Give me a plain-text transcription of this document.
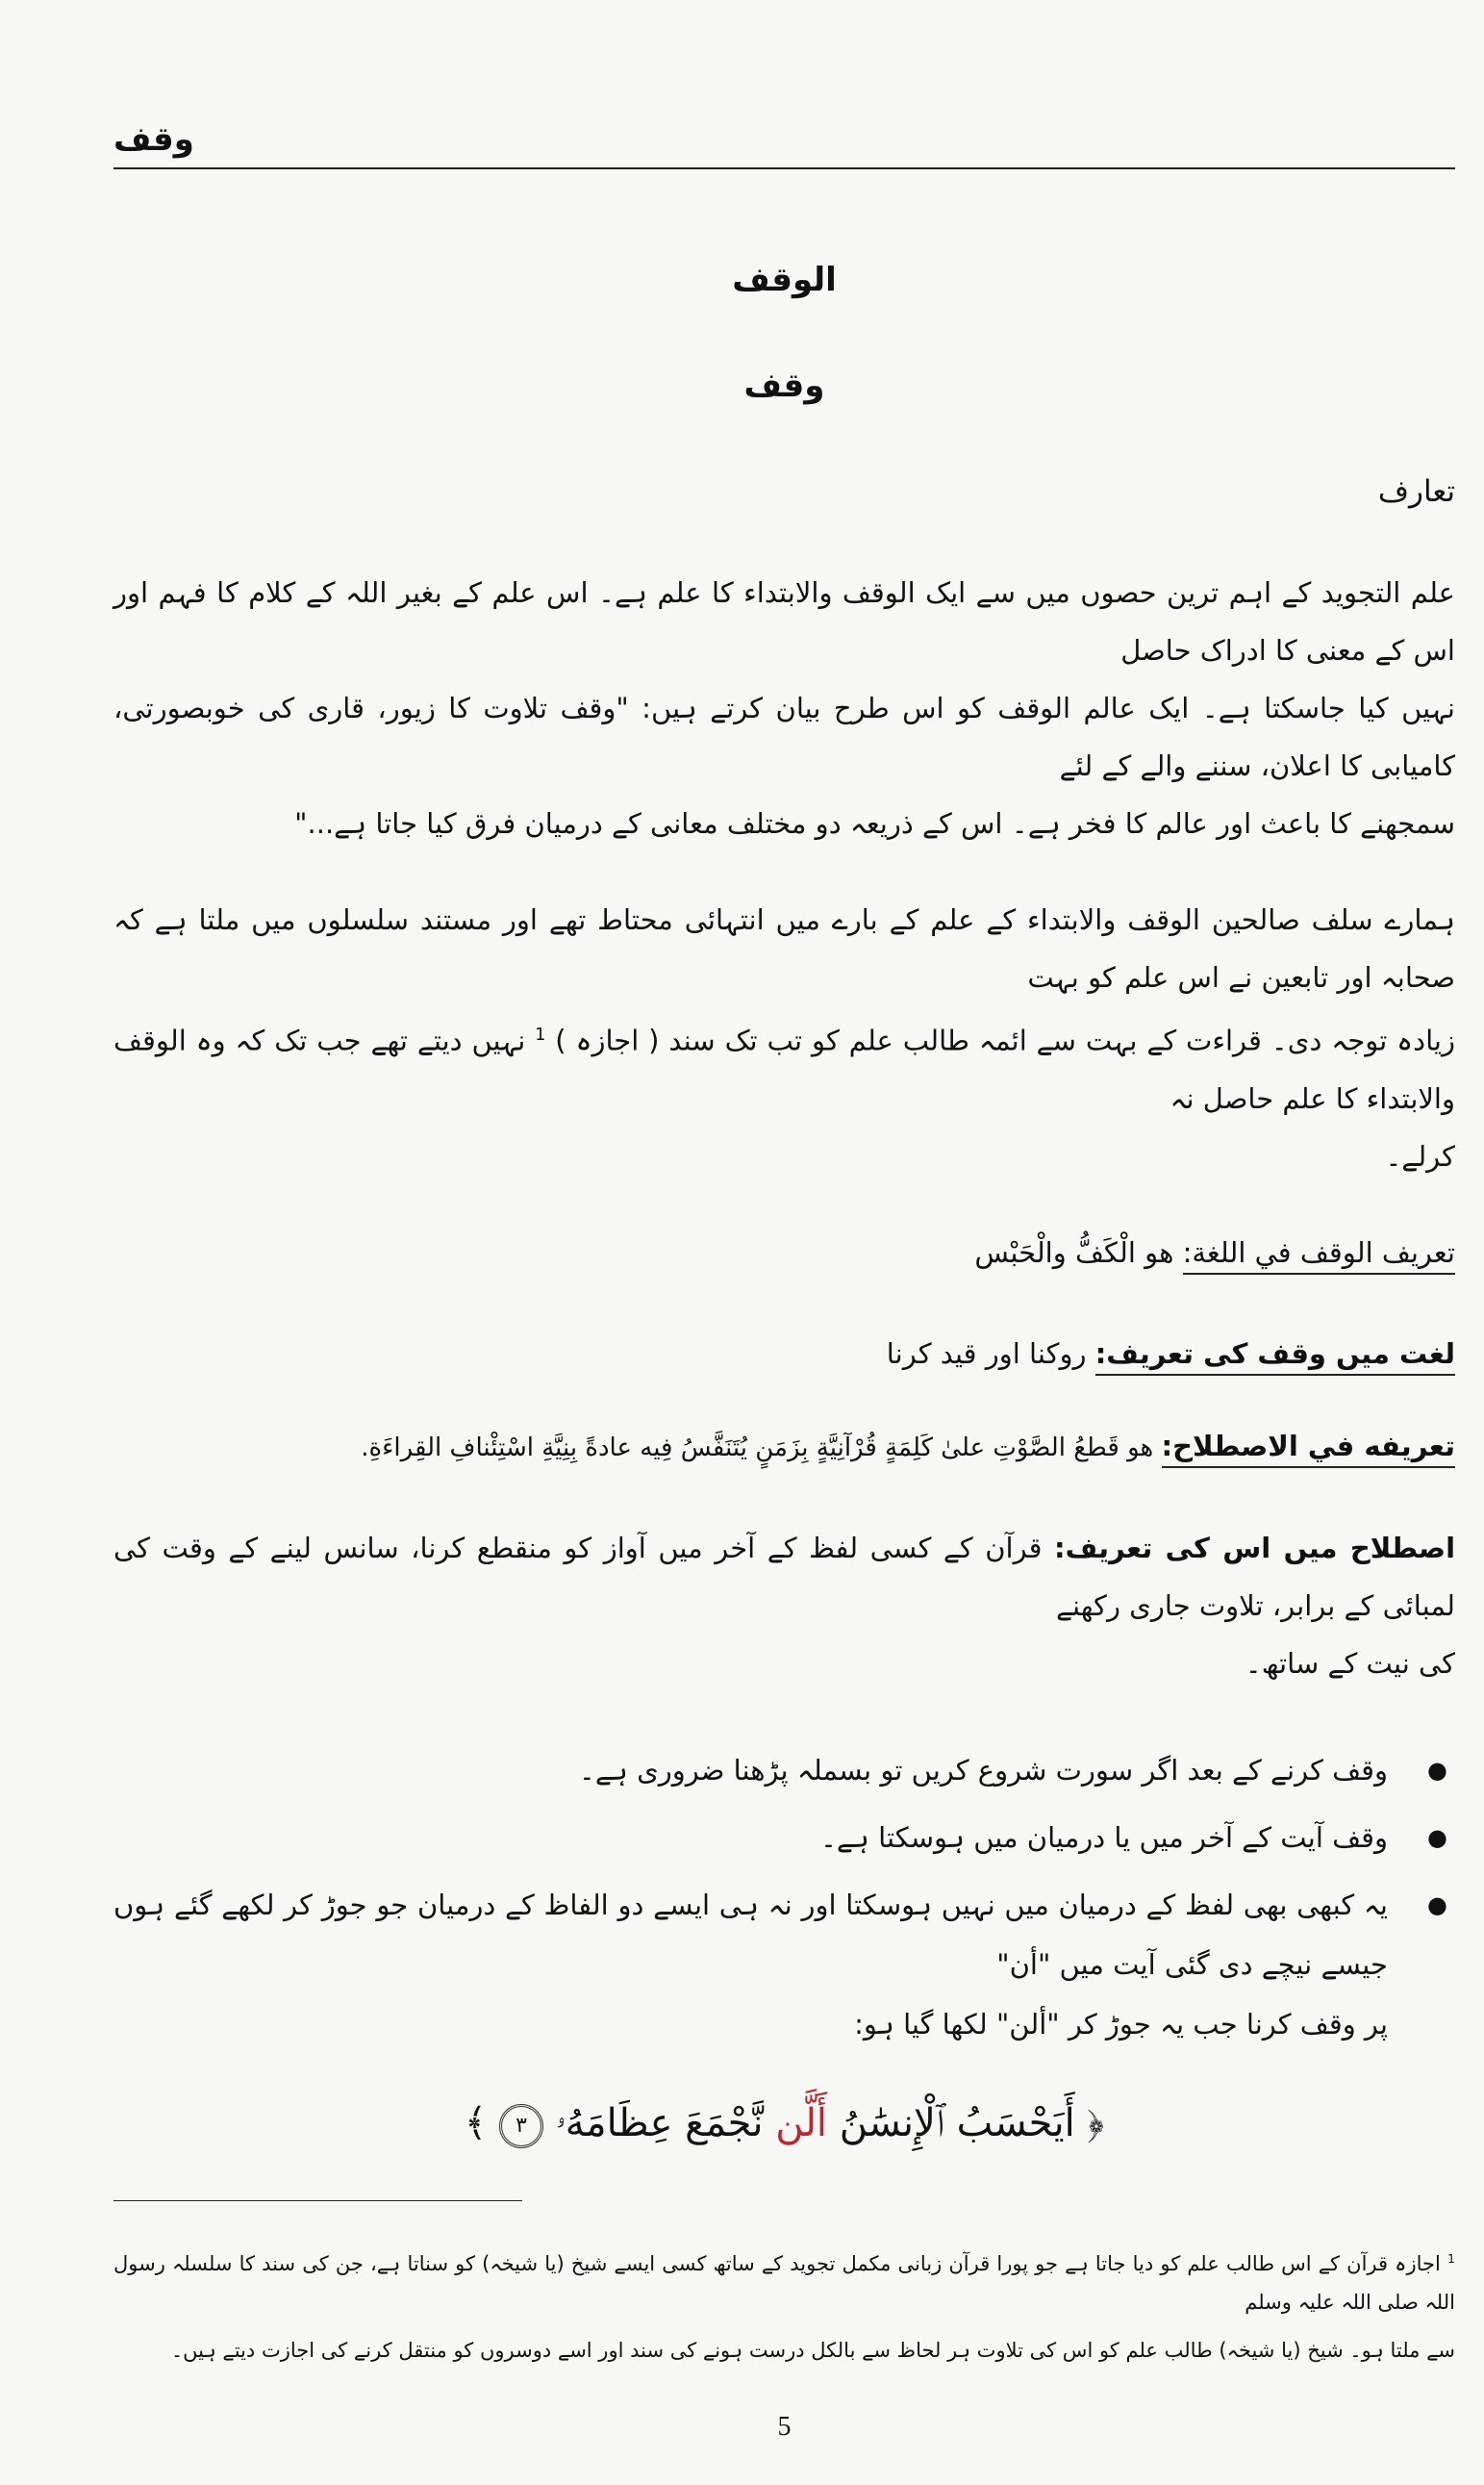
وقف
الوقف
وقف
تعارف
علم التجوید کے اہم ترین حصوں میں سے ایک الوقف والابتداء کا علم ہے۔ اس علم کے بغیر اللہ کے کلام کا فہم اور اس کے معنی کا ادراک حاصل
نہیں کیا جاسکتا ہے۔ ایک عالم الوقف کو اس طرح بیان کرتے ہیں: "وقف تلاوت کا زیور، قاری کی خوبصورتی، کامیابی کا اعلان، سننے والے کے لئے
سمجھنے کا باعث اور عالم کا فخر ہے۔ اس کے ذریعہ دو مختلف معانی کے درمیان فرق کیا جاتا ہے..."
ہمارے سلف صالحین الوقف والابتداء کے علم کے بارے میں انتہائی محتاط تھے اور مستند سلسلوں میں ملتا ہے کہ صحابہ اور تابعین نے اس علم کو بہت
زیادہ توجہ دی۔ قراءت کے بہت سے ائمہ طالب علم کو تب تک سند ( اجازہ ) $^1$ نہیں دیتے تھے جب تک کہ وہ الوقف والابتداء کا علم حاصل نہ
کرلے۔
تعريف الوقف في اللغة: هو الْكَفُّ والْحَبْس
لغت میں وقف کی تعریف: روکنا اور قید کرنا
تعريفه في الاصطلاح: هو قَطعُ الصَّوْتِ علىٰ كَلِمَةٍ قُرْآنِيَّةٍ بِزَمَنٍ يُتَنَفَّسُ فِيه عادةً بِنِيَّةِ اسْتِئْنافِ القِراءَةِ.
اصطلاح میں اس کی تعریف: قرآن کے کسی لفظ کے آخر میں آواز کو منقطع کرنا، سانس لینے کے وقت کی لمبائی کے برابر، تلاوت جاری رکھنے
کی نیت کے ساتھ۔
●
وقف کرنے کے بعد اگر سورت شروع کریں تو بسملہ پڑھنا ضروری ہے۔
●
وقف آیت کے آخر میں یا درمیان میں ہوسکتا ہے۔
●
یہ کبھی بھی لفظ کے درمیان میں نہیں ہوسکتا اور نہ ہی ایسے دو الفاظ کے درمیان جو جوڑ کر لکھے گئے ہوں جیسے نیچے دی گئی آیت میں "أن"
پر وقف کرنا جب یہ جوڑ کر "ألن" لکھا گیا ہو:
﴿ أَيَحْسَبُ ٱلْإِنسَٰنُ أَلَّن نَّجْمَعَ عِظَامَهُۥ ٣ ﴾
$^1$ اجازہ قرآن کے اس طالب علم کو دیا جاتا ہے جو پورا قرآن زبانی مکمل تجوید کے ساتھ کسی ایسے شیخ (یا شیخہ) کو سناتا ہے، جن کی سند کا سلسلہ رسول اللہ صلی اللہ علیہ وسلم
سے ملتا ہو۔ شیخ (یا شیخہ) طالب علم کو اس کی تلاوت ہر لحاظ سے بالکل درست ہونے کی سند اور اسے دوسروں کو منتقل کرنے کی اجازت دیتے ہیں۔
5
